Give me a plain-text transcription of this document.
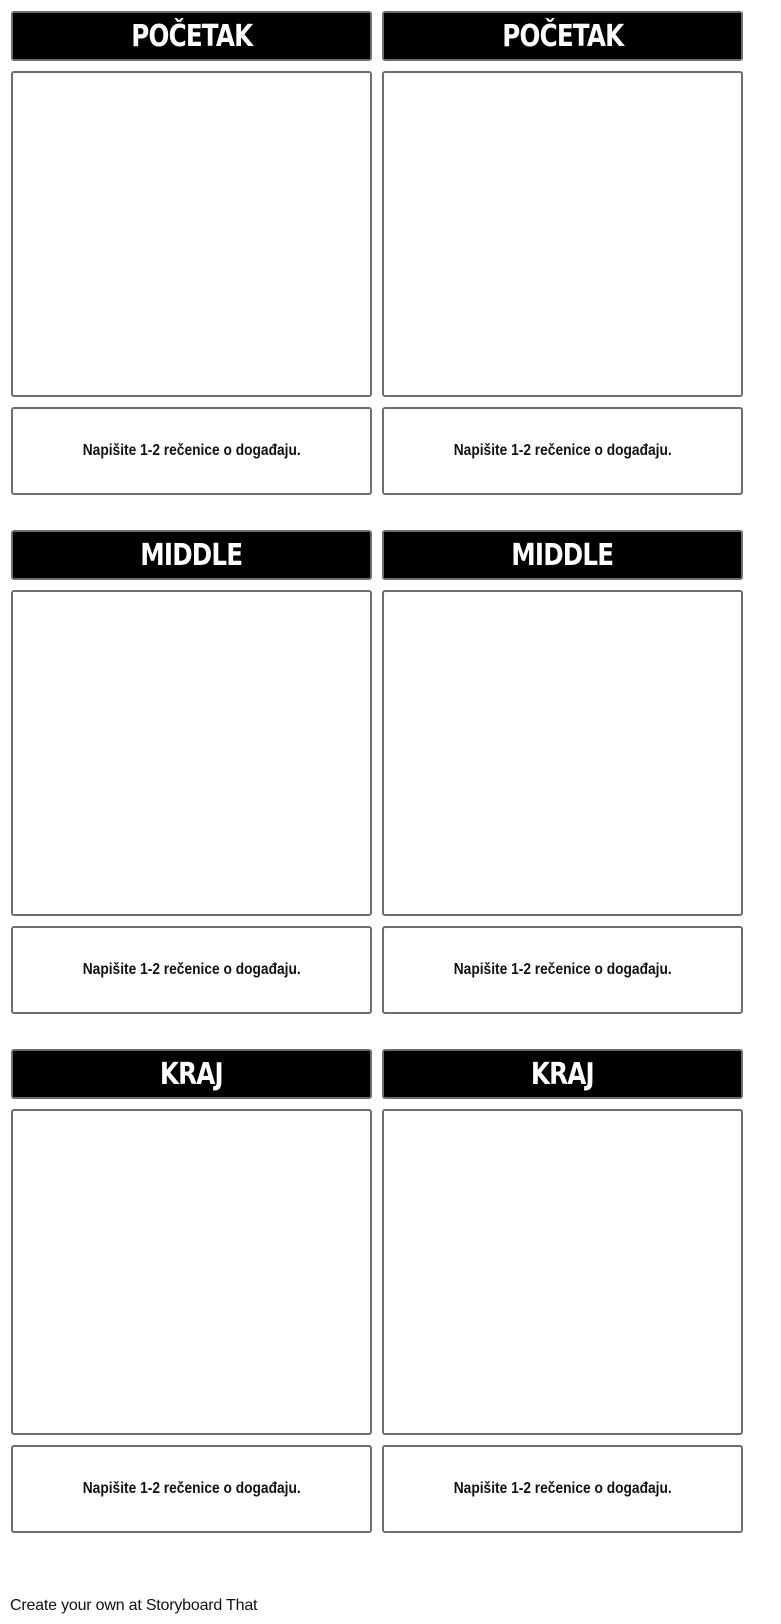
POČETAK	POČETAK
Napišite 1-2 rečenice o događaju.	Napišite 1-2 rečenice o događaju.
MIDDLE	MIDDLE
Napišite 1-2 rečenice o događaju.	Napišite 1-2 rečenice o događaju.
KRAJ	KRAJ
Napišite 1-2 rečenice o događaju.	Napišite 1-2 rečenice o događaju.
Create your own at Storyboard That
